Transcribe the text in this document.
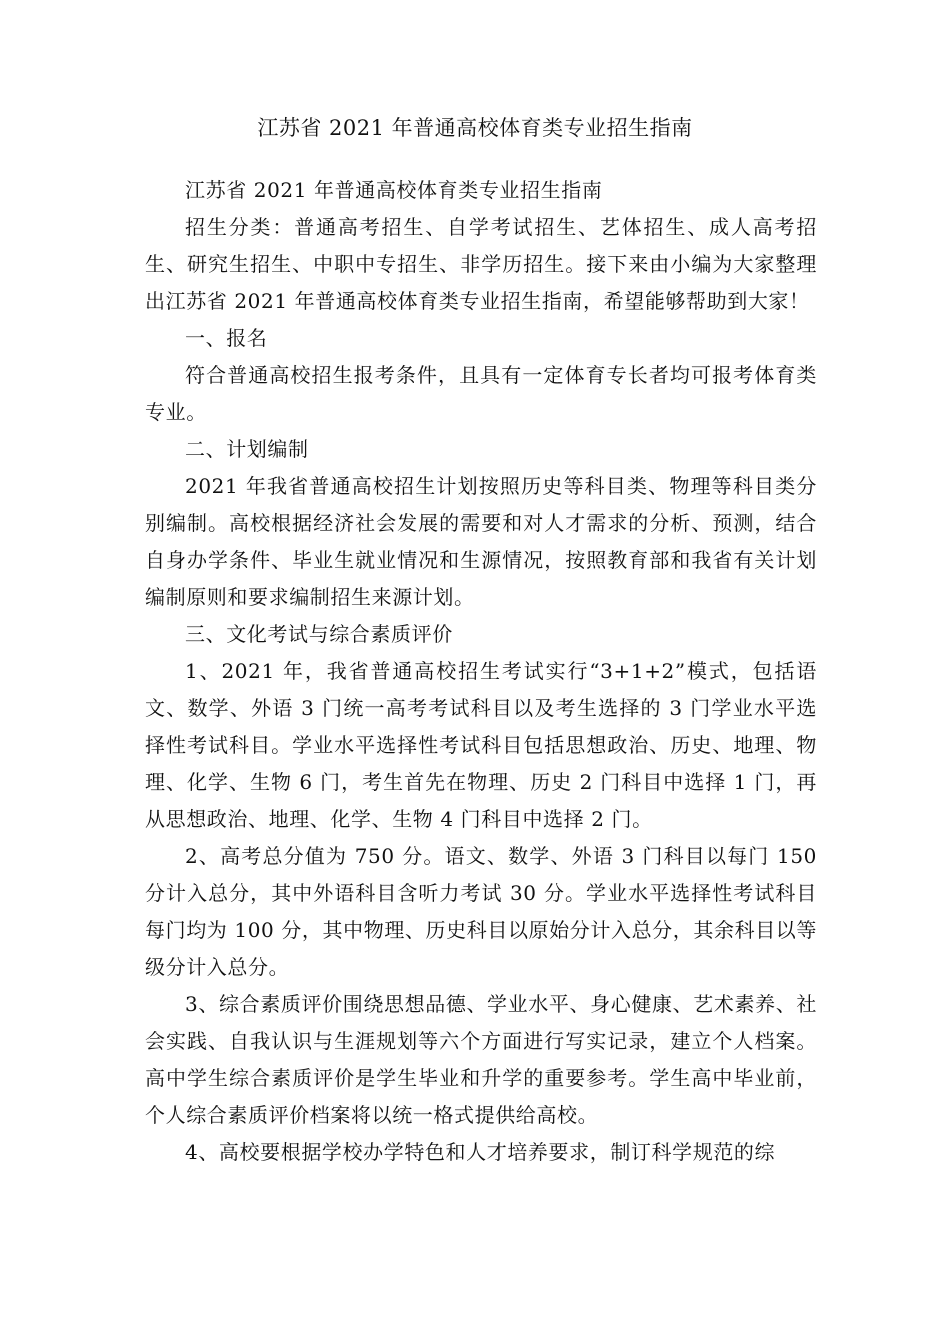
江苏省 2021 年普通高校体育类专业招生指南

江苏省 2021 年普通高校体育类专业招生指南

招生分类：普通高考招生、自学考试招生、艺体招生、成人高考招生、研究生招生、中职中专招生、非学历招生。接下来由小编为大家整理出江苏省 2021 年普通高校体育类专业招生指南，希望能够帮助到大家！

一、报名

符合普通高校招生报考条件，且具有一定体育专长者均可报考体育类专业。

二、计划编制

2021 年我省普通高校招生计划按照历史等科目类、物理等科目类分别编制。高校根据经济社会发展的需要和对人才需求的分析、预测，结合自身办学条件、毕业生就业情况和生源情况，按照教育部和我省有关计划编制原则和要求编制招生来源计划。

三、文化考试与综合素质评价

1、2021 年，我省普通高校招生考试实行“3+1+2”模式，包括语文、数学、外语 3 门统一高考考试科目以及考生选择的 3 门学业水平选择性考试科目。学业水平选择性考试科目包括思想政治、历史、地理、物理、化学、生物 6 门，考生首先在物理、历史 2 门科目中选择 1 门，再从思想政治、地理、化学、生物 4 门科目中选择 2 门。

2、高考总分值为 750 分。语文、数学、外语 3 门科目以每门 150 分计入总分，其中外语科目含听力考试 30 分。学业水平选择性考试科目每门均为 100 分，其中物理、历史科目以原始分计入总分，其余科目以等级分计入总分。

3、综合素质评价围绕思想品德、学业水平、身心健康、艺术素养、社会实践、自我认识与生涯规划等六个方面进行写实记录，建立个人档案。高中学生综合素质评价是学生毕业和升学的重要参考。学生高中毕业前，个人综合素质评价档案将以统一格式提供给高校。

4、高校要根据学校办学特色和人才培养要求，制订科学规范的综
